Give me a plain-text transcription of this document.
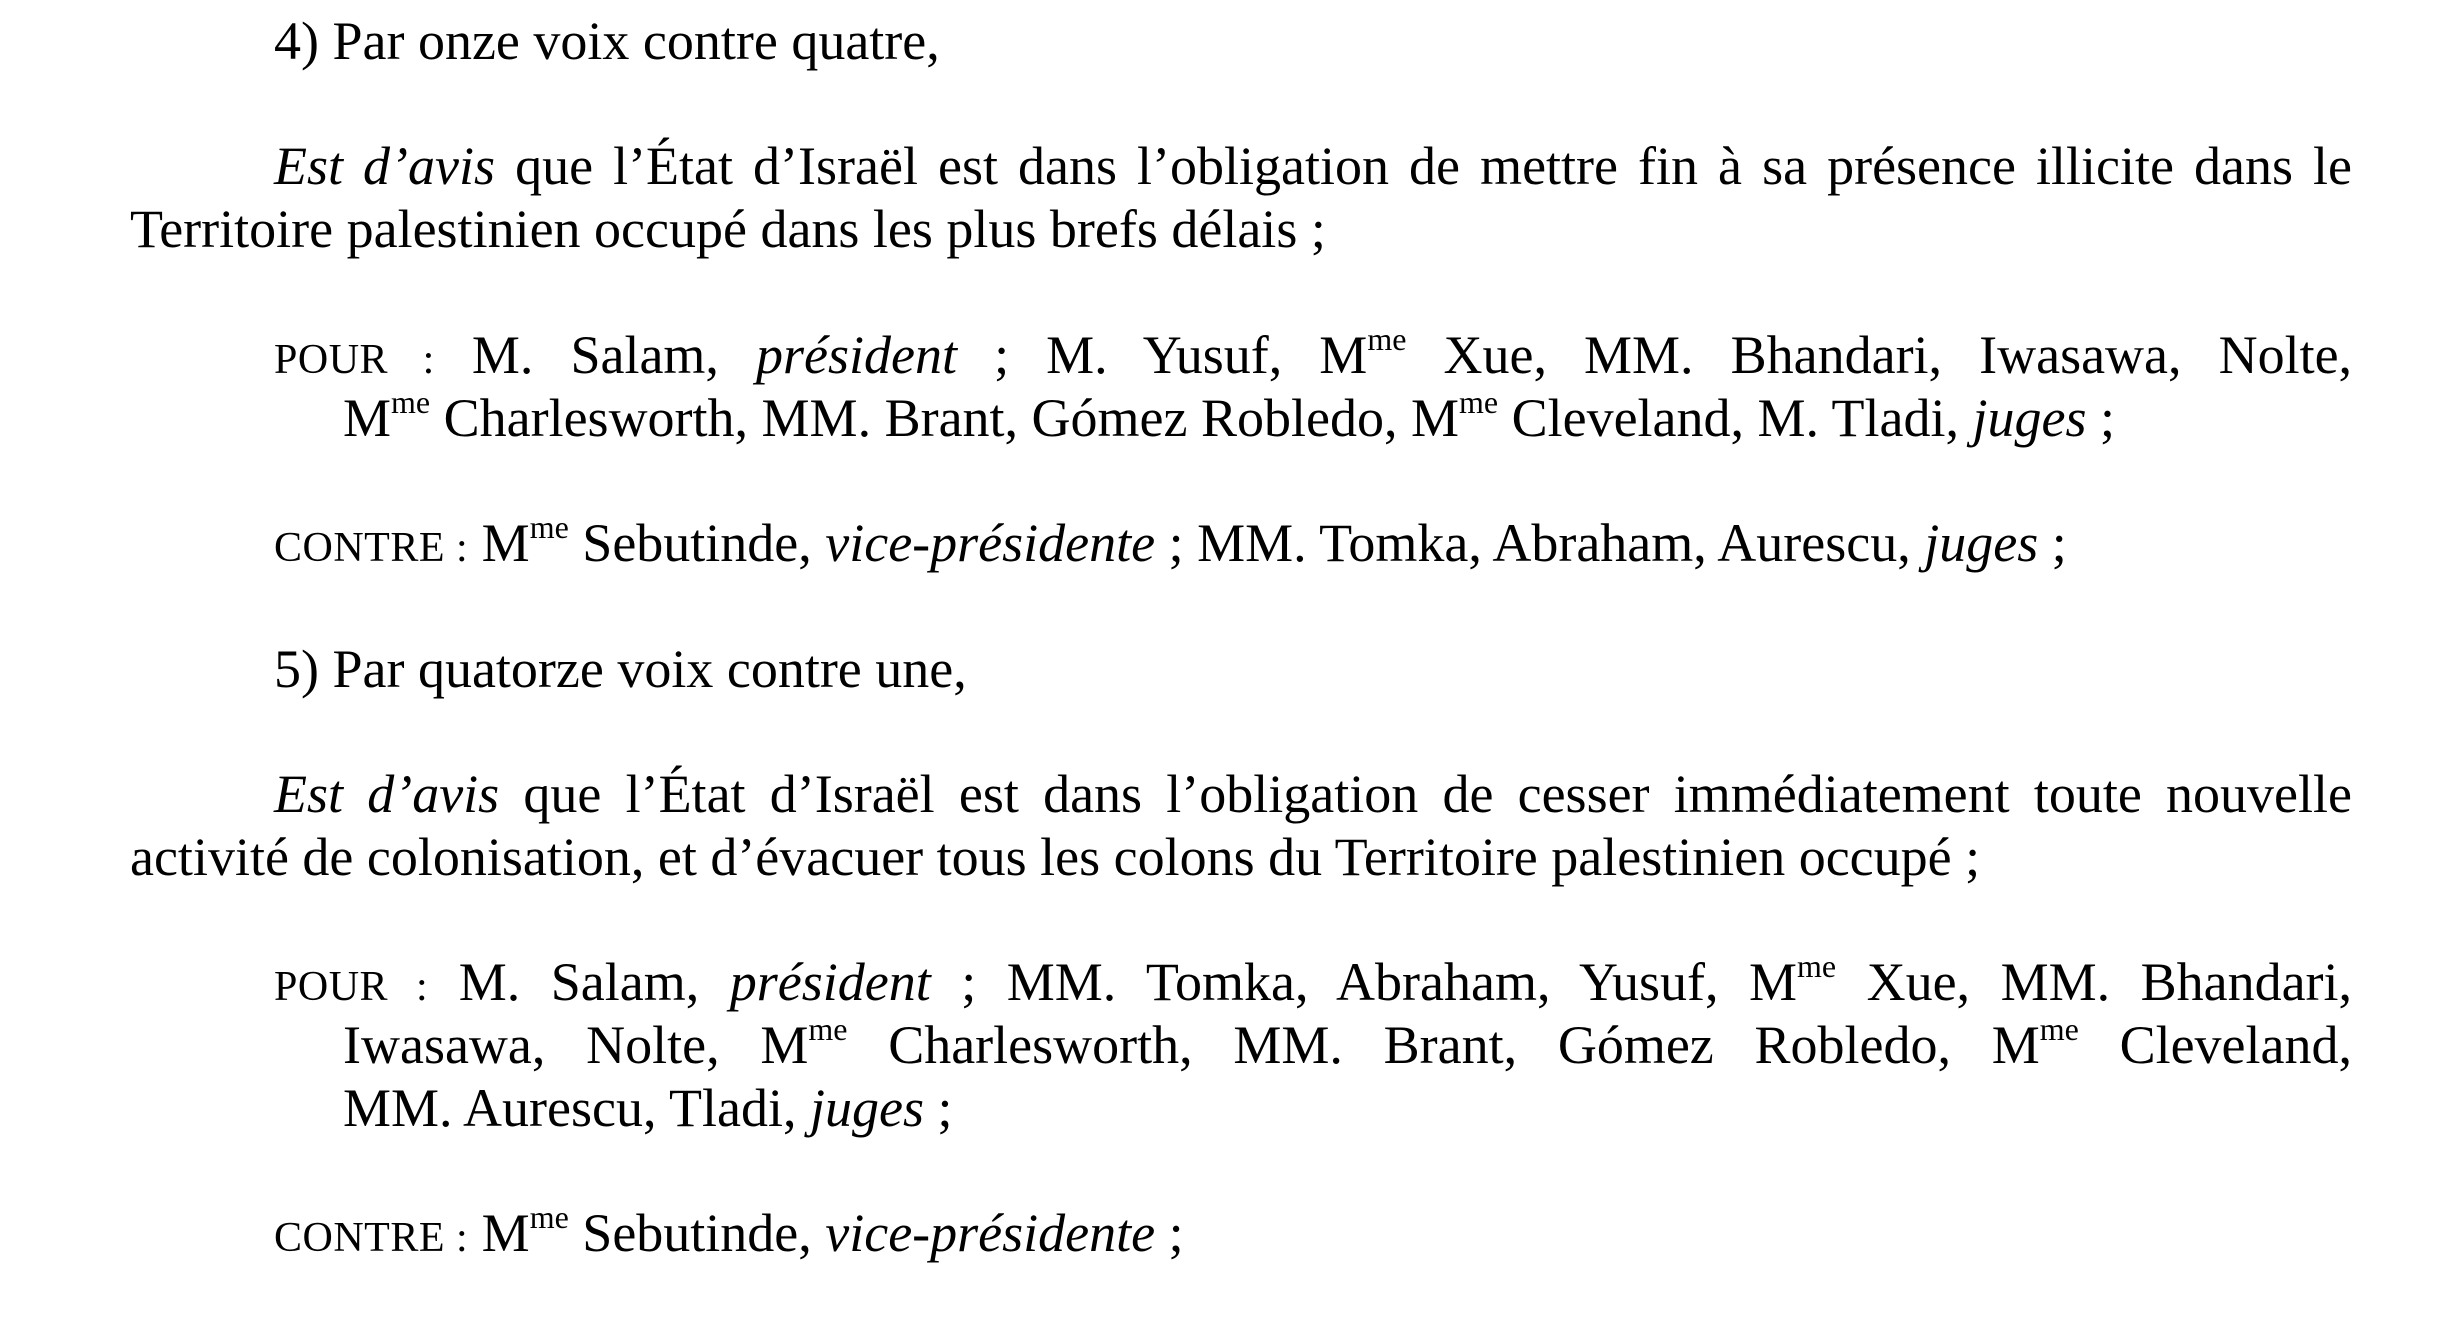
4) Par onze voix contre quatre,
Est d’avis que l’État d’Israël est dans l’obligation de mettre fin à sa présence illicite dans le
Territoire palestinien occupé dans les plus brefs délais ;
POUR : M. Salam, président ; M. Yusuf, $M^{me}$ Xue, MM. Bhandari, Iwasawa, Nolte,
$M^{me}$ Charlesworth, MM. Brant, Gómez Robledo, $M^{me}$ Cleveland, M. Tladi, juges ;
CONTRE : $M^{me}$ Sebutinde, vice-présidente ; MM. Tomka, Abraham, Aurescu, juges ;
5) Par quatorze voix contre une,
Est d’avis que l’État d’Israël est dans l’obligation de cesser immédiatement toute nouvelle
activité de colonisation, et d’évacuer tous les colons du Territoire palestinien occupé ;
POUR : M. Salam, président ; MM. Tomka, Abraham, Yusuf, $M^{me}$ Xue, MM. Bhandari,
Iwasawa, Nolte, $M^{me}$ Charlesworth, MM. Brant, Gómez Robledo, $M^{me}$ Cleveland,
MM. Aurescu, Tladi, juges ;
CONTRE : $M^{me}$ Sebutinde, vice-présidente ;
